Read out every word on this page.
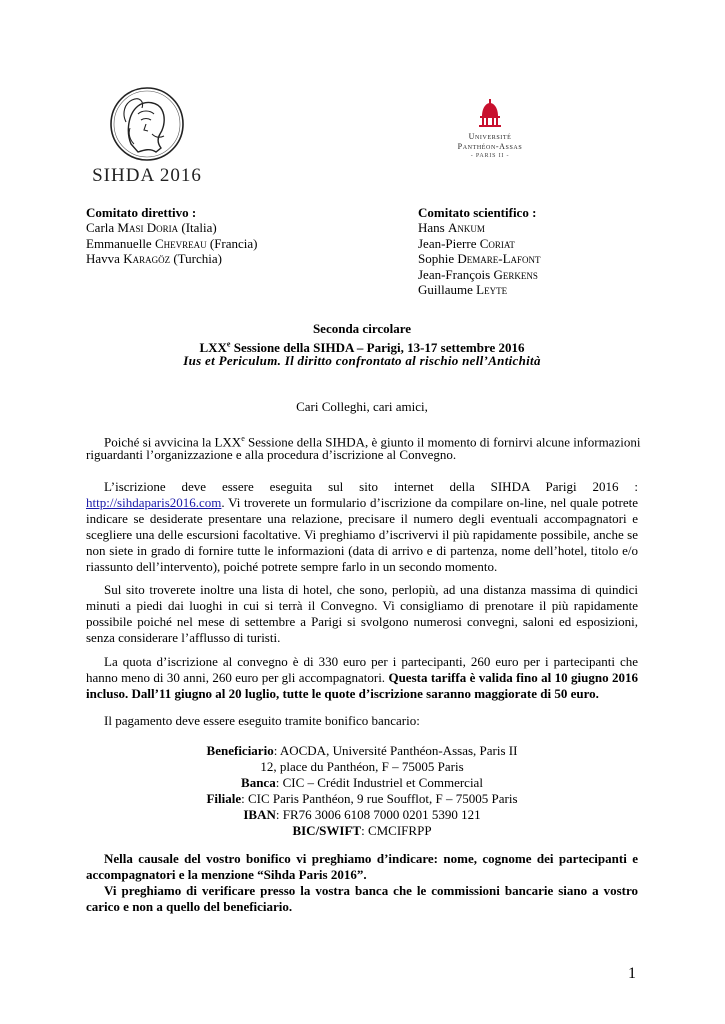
SIHDA 2016
Université
Panthéon-Assas
- PARIS II -
Comitato direttivo :
Carla Masi Doria (Italia)
Emmanuelle Chevreau (Francia)
Havva Karagöz (Turchia)
Comitato scientifico :
Hans Ankum
Jean-Pierre Coriat
Sophie Demare-Lafont
Jean-François Gerkens
Guillaume Leyte
Seconda circolare
LXXe Sessione della SIHDA – Parigi, 13-17 settembre 2016
Ius et Periculum. Il diritto confrontato al rischio nell’Antichità
Cari Colleghi, cari amici,
Poiché si avvicina la LXXe Sessione della SIHDA, è giunto il momento di fornirvi alcune informazioni
riguardanti l’organizzazione e alla procedura d’iscrizione al Convegno.
L’iscrizione deve essere eseguita sul sito internet della SIHDA Parigi 2016 :
http://sihdaparis2016.com. Vi troverete un formulario d’iscrizione da compilare on-line, nel quale potrete
indicare se desiderate presentare una relazione, precisare il numero degli eventuali accompagnatori e
scegliere una delle escursioni facoltative. Vi preghiamo d’iscrivervi il più rapidamente possibile, anche se
non siete in grado di fornire tutte le informazioni (data di arrivo e di partenza, nome dell’hotel, titolo e/o
riassunto dell’intervento), poiché potrete sempre farlo in un secondo momento.
Sul sito troverete inoltre una lista di hotel, che sono, perlopiù, ad una distanza massima di quindici
minuti a piedi dai luoghi in cui si terrà il Convegno. Vi consigliamo di prenotare il più rapidamente
possibile poiché nel mese di settembre a Parigi si svolgono numerosi convegni, saloni ed esposizioni,
senza considerare l’afflusso di turisti.
La quota d’iscrizione al convegno è di 330 euro per i partecipanti, 260 euro per i partecipanti che
hanno meno di 30 anni, 260 euro per gli accompagnatori. Questa tariffa è valida fino al 10 giugno 2016
incluso. Dall’11 giugno al 20 luglio, tutte le quote d’iscrizione saranno maggiorate di 50 euro.
Il pagamento deve essere eseguito tramite bonifico bancario:
Beneficiario: AOCDA, Université Panthéon-Assas, Paris II
12, place du Panthéon, F – 75005 Paris
Banca: CIC – Crédit Industriel et Commercial
Filiale: CIC Paris Panthéon, 9 rue Soufflot, F – 75005 Paris
IBAN: FR76 3006 6108 7000 0201 5390 121
BIC/SWIFT: CMCIFRPP
Nella causale del vostro bonifico vi preghiamo d’indicare: nome, cognome dei partecipanti e
accompagnatori e la menzione “Sihda Paris 2016”.
Vi preghiamo di verificare presso la vostra banca che le commissioni bancarie siano a vostro
carico e non a quello del beneficiario.
1
